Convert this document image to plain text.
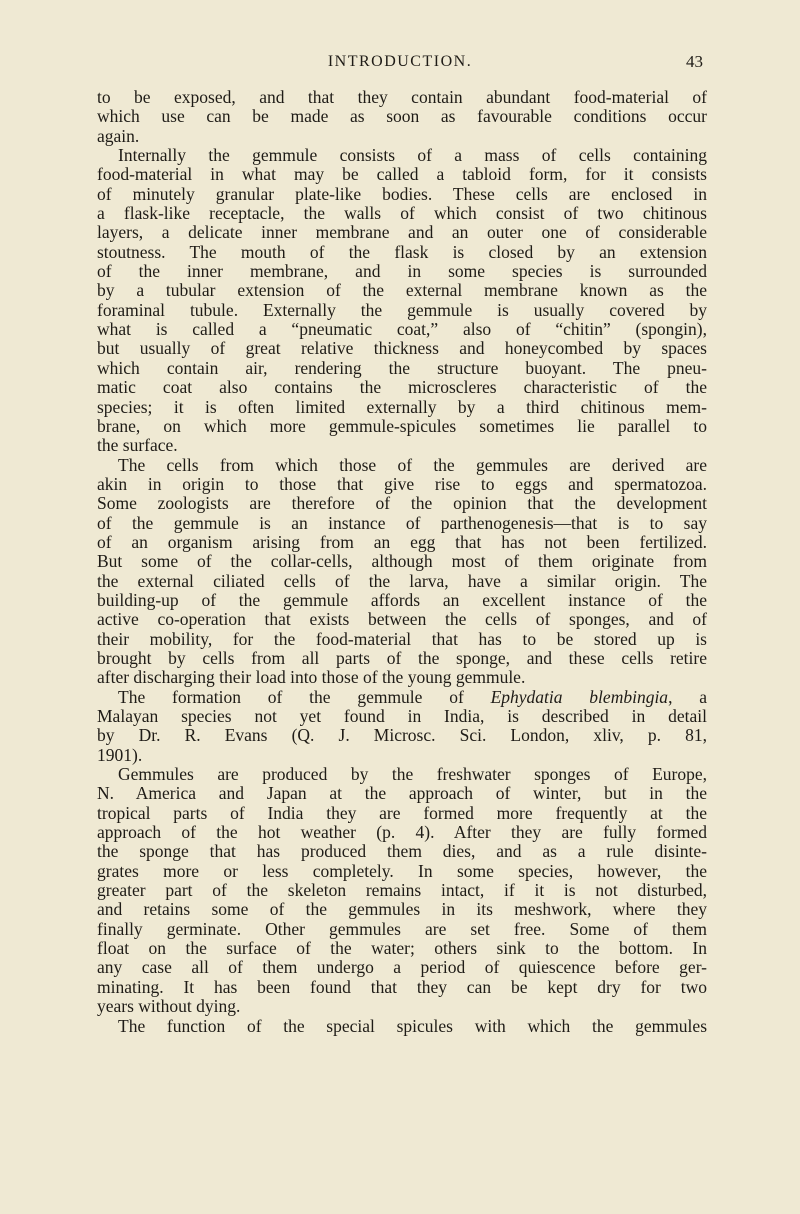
INTRODUCTION.	43
to be exposed, and that they contain abundant food-material of
which use can be made as soon as favourable conditions occur
again.
Internally the gemmule consists of a mass of cells containing
food-material in what may be called a tabloid form, for it consists
of minutely granular plate-like bodies. These cells are enclosed in
a flask-like receptacle, the walls of which consist of two chitinous
layers, a delicate inner membrane and an outer one of considerable
stoutness. The mouth of the flask is closed by an extension
of the inner membrane, and in some species is surrounded
by a tubular extension of the external membrane known as the
foraminal tubule. Externally the gemmule is usually covered by
what is called a “pneumatic coat,” also of “chitin” (spongin),
but usually of great relative thickness and honeycombed by spaces
which contain air, rendering the structure buoyant. The pneu-
matic coat also contains the microscleres characteristic of the
species; it is often limited externally by a third chitinous mem-
brane, on which more gemmule-spicules sometimes lie parallel to
the surface.
The cells from which those of the gemmules are derived are
akin in origin to those that give rise to eggs and spermatozoa.
Some zoologists are therefore of the opinion that the development
of the gemmule is an instance of parthenogenesis—that is to say
of an organism arising from an egg that has not been fertilized.
But some of the collar-cells, although most of them originate from
the external ciliated cells of the larva, have a similar origin. The
building-up of the gemmule affords an excellent instance of the
active co-operation that exists between the cells of sponges, and of
their mobility, for the food-material that has to be stored up is
brought by cells from all parts of the sponge, and these cells retire
after discharging their load into those of the young gemmule.
The formation of the gemmule of Ephydatia blembingia, a
Malayan species not yet found in India, is described in detail
by Dr. R. Evans (Q. J. Microsc. Sci. London, xliv, p. 81,
1901).
Gemmules are produced by the freshwater sponges of Europe,
N. America and Japan at the approach of winter, but in the
tropical parts of India they are formed more frequently at the
approach of the hot weather (p. 4). After they are fully formed
the sponge that has produced them dies, and as a rule disinte-
grates more or less completely. In some species, however, the
greater part of the skeleton remains intact, if it is not disturbed,
and retains some of the gemmules in its meshwork, where they
finally germinate. Other gemmules are set free. Some of them
float on the surface of the water; others sink to the bottom. In
any case all of them undergo a period of quiescence before ger-
minating. It has been found that they can be kept dry for two
years without dying.
The function of the special spicules with which the gemmules
